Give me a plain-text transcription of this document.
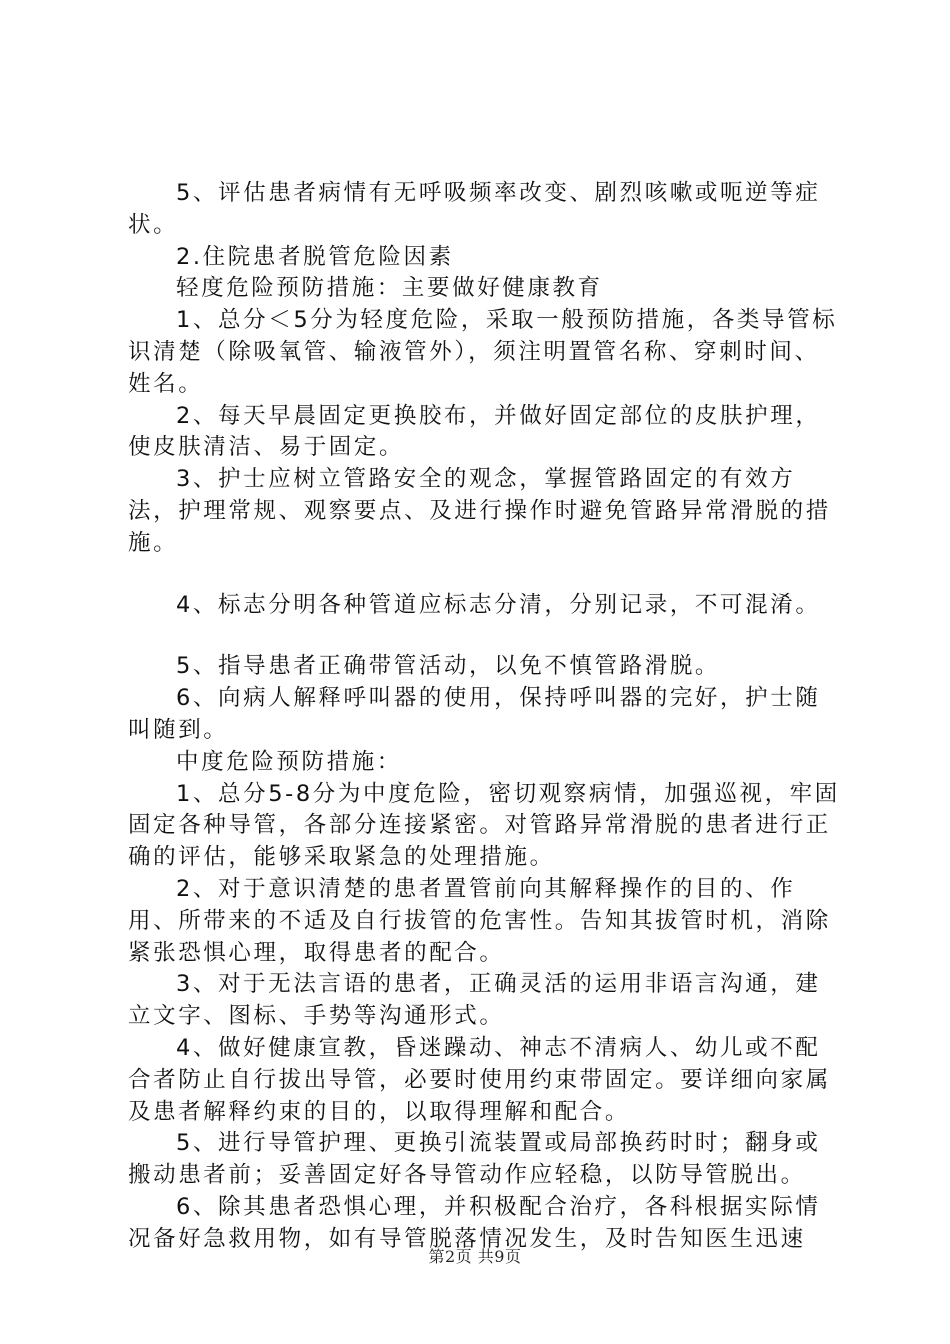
5、评估患者病情有无呼吸频率改变、剧烈咳嗽或呃逆等症状。

2.住院患者脱管危险因素

轻度危险预防措施：主要做好健康教育

1、总分＜5分为轻度危险，采取一般预防措施，各类导管标识清楚（除吸氧管、输液管外），须注明置管名称、穿刺时间、姓名。

2、每天早晨固定更换胶布，并做好固定部位的皮肤护理，使皮肤清洁、易于固定。

3、护士应树立管路安全的观念，掌握管路固定的有效方法，护理常规、观察要点、及进行操作时避免管路异常滑脱的措施。

4、标志分明各种管道应标志分清，分别记录，不可混淆。

5、指导患者正确带管活动，以免不慎管路滑脱。

6、向病人解释呼叫器的使用，保持呼叫器的完好，护士随叫随到。

中度危险预防措施：

1、总分5-8分为中度危险，密切观察病情，加强巡视，牢固固定各种导管，各部分连接紧密。对管路异常滑脱的患者进行正确的评估，能够采取紧急的处理措施。

2、对于意识清楚的患者置管前向其解释操作的目的、作用、所带来的不适及自行拔管的危害性。告知其拔管时机，消除紧张恐惧心理，取得患者的配合。

3、对于无法言语的患者，正确灵活的运用非语言沟通，建立文字、图标、手势等沟通形式。

4、做好健康宣教，昏迷躁动、神志不清病人、幼儿或不配合者防止自行拔出导管，必要时使用约束带固定。要详细向家属及患者解释约束的目的，以取得理解和配合。

5、进行导管护理、更换引流装置或局部换药时时；翻身或搬动患者前；妥善固定好各导管动作应轻稳，以防导管脱出。

6、除其患者恐惧心理，并积极配合治疗，各科根据实际情况备好急救用物，如有导管脱落情况发生，及时告知医生迅速

第2页 共9页
